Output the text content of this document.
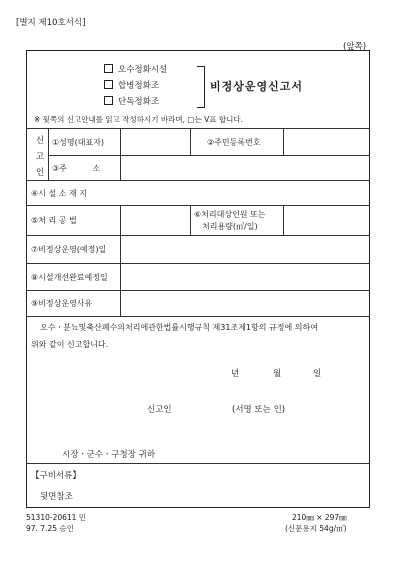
[별지 제10호서식]
(앞쪽)
오수정화시설
합병정화조
단독정화조
비정상운영신고서
※ 뒷쪽의 신고안내를 읽고 작성하시기 바라며, □는 V표 합니다.
신
고
인
①성명(대표자)	②주민등록번호
③주          소
④시 설 소 재 지
⑤처 리 공 법
⑥처리대상인원 또는
처리용량(㎥/일)
⑦비정상운영(예정)일
⑧시설개선완료예정일
⑨비정상운영사유
오수ㆍ분뇨및축산폐수의처리에관한법률시행규칙 제31조제1항의 규정에 의하여
위와 같이 신고합니다.
년	월	일
신고인	(서명 또는 인)
시장ㆍ군수ㆍ구청장 귀하
【구비서류】
뒷면참조
51310-20611 민
97. 7.25 승인
210㎜ × 297㎜
(신문용지 54g/㎡)
